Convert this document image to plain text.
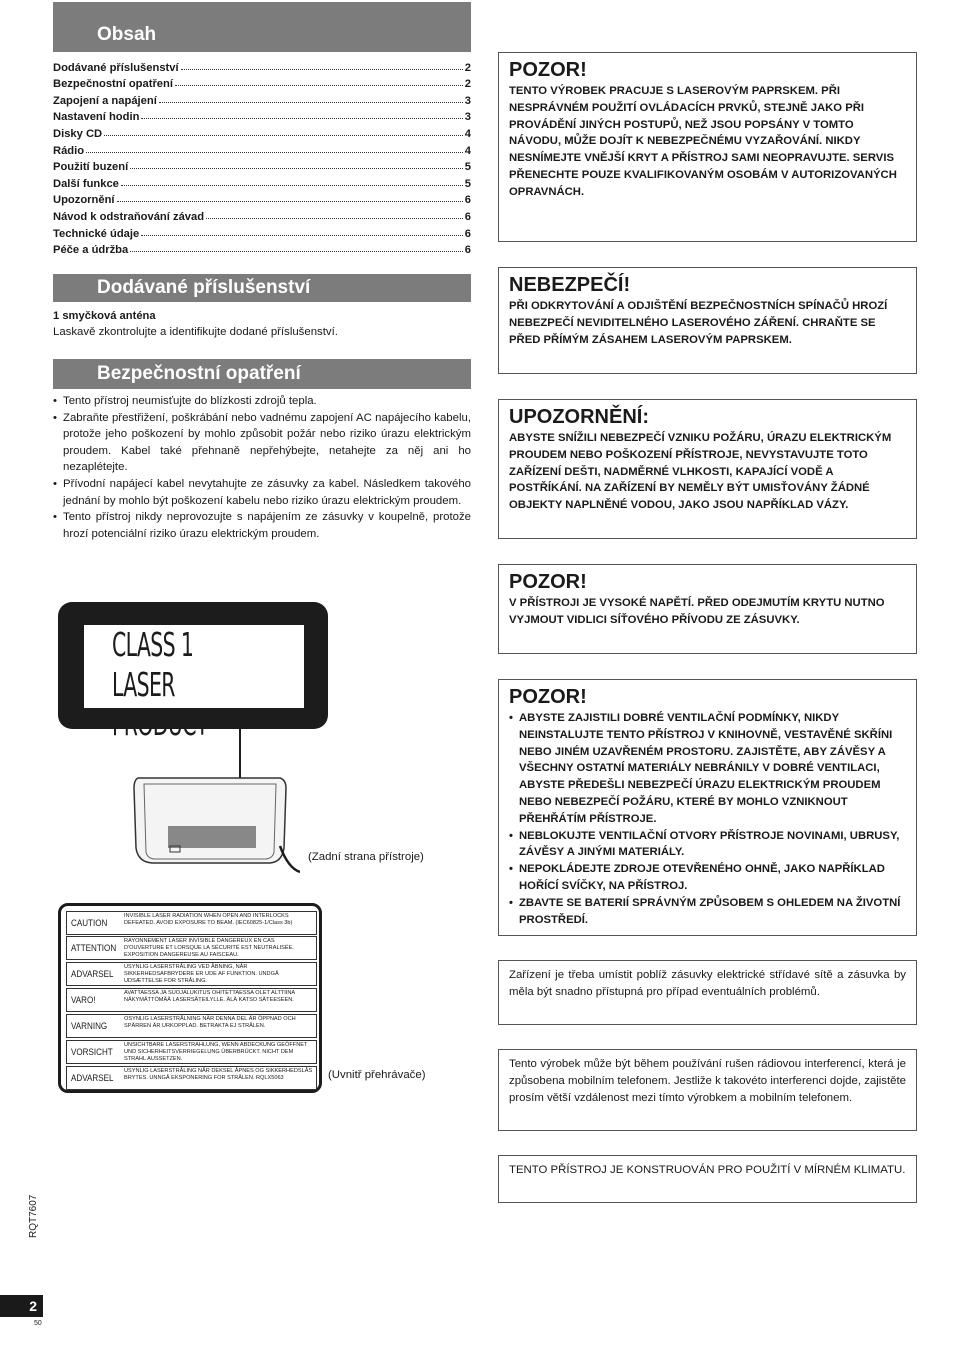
Obsah
Dodávané příslušenství	2
Bezpečnostní opatření	2
Zapojení a napájení	3
Nastavení hodin	3
Disky CD	4
Rádio	4
Použití buzení	5
Další funkce	5
Upozornění	6
Návod k odstraňování závad	6
Technické údaje	6
Péče a údržba	6
Dodávané příslušenství
1 smyčková anténa
Laskavě zkontrolujte a identifikujte dodané příslušenství.
Bezpečnostní opatření
• Tento přístroj neumisťujte do blízkosti zdrojů tepla.
• Zabraňte přestřižení, poškrábání nebo vadnému zapojení AC napájecího kabelu, protože jeho poškození by mohlo způsobit požár nebo riziko úrazu elektrickým proudem. Kabel také přehnaně nepřehýbejte, netahejte za něj ani ho nezaplétejte.
• Přívodní napájecí kabel nevytahujte ze zásuvky za kabel. Následkem takového jednání by mohlo být poškození kabelu nebo riziko úrazu elektrickým proudem.
• Tento přístroj nikdy neprovozujte s napájením ze zásuvky v koupelně, protože hrozí potenciální riziko úrazu elektrickým proudem.
CLASS 1
LASER PRODUCT
(Zadní strana přístroje)
CAUTION
INVISIBLE LASER RADIATION WHEN OPEN AND INTERLOCKS DEFEATED. AVOID EXPOSURE TO BEAM. (IEC60825-1/Class 3b)
ATTENTION
RAYONNEMENT LASER INVISIBLE DANGEREUX EN CAS D'OUVERTURE ET LORSQUE LA SÉCURITÉ EST NEUTRALISÉE. EXPOSITION DANGEREUSE AU FAISCEAU.
ADVARSEL
USYNLIG LASERSTRÅLING VED ÅBNING, NÅR SIKKERHEDSAFBRYDERE ER UDE AF FUNKTION. UNDGÅ UDSÆTTELSE FOR STRÅLING.
VARO!
AVATTAESSA JA SUOJALUKITUS OHITETTAESSA OLET ALTTIINA NÄKYMÄTTÖMÄÄ LASERSÄTEILYLLE. ÄLÄ KATSO SÄTEESEEN.
VARNING
OSYNLIG LASERSTRÅLNING NÄR DENNA DEL ÄR ÖPPNAD OCH SPÄRREN ÄR URKOPPLAD. BETRAKTA EJ STRÅLEN.
VORSICHT
UNSICHTBARE LASERSTRAHLUNG, WENN ABDECKUNG GEÖFFNET UND SICHERHEITSVERRIEGELUNG ÜBERBRÜCKT. NICHT DEM STRAHL AUSSETZEN.
ADVARSEL
USYNLIG LASERSTRÅLING NÅR DEKSEL ÅPNES OG SIKKERHEDSLÅS BRYTES. UNNGÅ EKSPONERING FOR STRÅLEN. RQLX5063	(Uvnitř přehrávače)
POZOR!
TENTO VÝROBEK PRACUJE S LASEROVÝM PAPRSKEM. PŘI NESPRÁVNÉM POUŽITÍ OVLÁDACÍCH PRVKŮ, STEJNĚ JAKO PŘI PROVÁDĚNÍ JINÝCH POSTUPŮ, NEŽ JSOU POPSÁNY V TOMTO NÁVODU, MŮŽE DOJÍT K NEBEZPEČNÉMU VYZAŘOVÁNÍ. NIKDY NESNÍMEJTE VNĚJŠÍ KRYT A PŘÍSTROJ SAMI NEOPRAVUJTE. SERVIS PŘENECHTE POUZE KVALIFIKOVANÝM OSOBÁM V AUTORIZOVANÝCH OPRAVNÁCH.
NEBEZPEČÍ!
PŘI ODKRYTOVÁNÍ A ODJIŠTĚNÍ BEZPEČNOSTNÍCH SPÍNAČŮ HROZÍ NEBEZPEČÍ NEVIDITELNÉHO LASEROVÉHO ZÁŘENÍ. CHRAŇTE SE PŘED PŘÍMÝM ZÁSAHEM LASEROVÝM PAPRSKEM.
UPOZORNĚNÍ:
ABYSTE SNÍŽILI NEBEZPEČÍ VZNIKU POŽÁRU, ÚRAZU ELEKTRICKÝM PROUDEM NEBO POŠKOZENÍ PŘÍSTROJE, NEVYSTAVUJTE TOTO ZAŘÍZENÍ DEŠTI, NADMĚRNÉ VLHKOSTI, KAPAJÍCÍ VODĚ A POSTŘÍKÁNÍ. NA ZAŘÍZENÍ BY NEMĚLY BÝT UMISŤOVÁNY ŽÁDNÉ OBJEKTY NAPLNĚNÉ VODOU, JAKO JSOU NAPŘÍKLAD VÁZY.
POZOR!
V PŘÍSTROJI JE VYSOKÉ NAPĚTÍ. PŘED ODEJMUTÍM KRYTU NUTNO VYJMOUT VIDLICI SÍŤOVÉHO PŘÍVODU ZE ZÁSUVKY.
POZOR!
• ABYSTE ZAJISTILI DOBRÉ VENTILAČNÍ PODMÍNKY, NIKDY NEINSTALUJTE TENTO PŘÍSTROJ V KNIHOVNĚ, VESTAVĚNÉ SKŘÍNI NEBO JINÉM UZAVŘENÉM PROSTORU. ZAJISTĚTE, ABY ZÁVĚSY A VŠECHNY OSTATNÍ MATERIÁLY NEBRÁNILY V DOBRÉ VENTILACI, ABYSTE PŘEDEŠLI NEBEZPEČÍ ÚRAZU ELEKTRICKÝM PROUDEM NEBO NEBEZPEČÍ POŽÁRU, KTERÉ BY MOHLO VZNIKNOUT PŘEHŘÁTÍM PŘÍSTROJE.
• NEBLOKUJTE VENTILAČNÍ OTVORY PŘÍSTROJE NOVINAMI, UBRUSY, ZÁVĚSY A JINÝMI MATERIÁLY.
• NEPOKLÁDEJTE ZDROJE OTEVŘENÉHO OHNĚ, JAKO NAPŘÍKLAD HOŘÍCÍ SVÍČKY, NA PŘÍSTROJ.
• ZBAVTE SE BATERIÍ SPRÁVNÝM ZPŮSOBEM S OHLEDEM NA ŽIVOTNÍ PROSTŘEDÍ.
Zařízení je třeba umístit poblíž zásuvky elektrické střídavé sítě a zásuvka by měla být snadno přístupná pro případ eventuálních problémů.
Tento výrobek může být během používání rušen rádiovou interferencí, která je způsobena mobilním telefonem. Jestliže k takovéto interferenci dojde, zajistěte prosím větší vzdálenost mezi tímto výrobkem a mobilním telefonem.
TENTO PŘÍSTROJ JE KONSTRUOVÁN PRO POUŽITÍ V MÍRNÉM KLIMATU.
RQT7607
2
50
